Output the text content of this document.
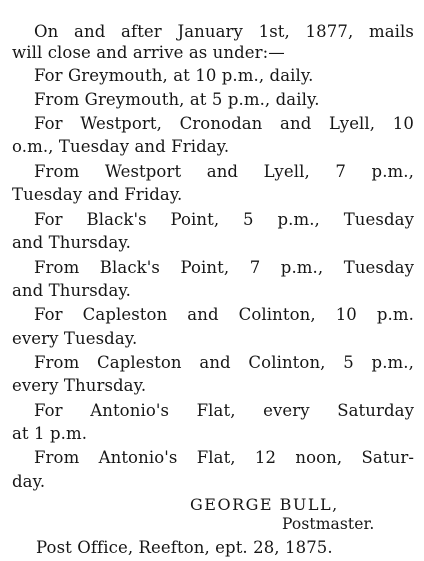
On and after January 1st, 1877, mails
will close and arrive as under:—
For Greymouth, at 10 p.m., daily.
From Greymouth, at 5 p.m., daily.
For Westport, Cronodan and Lyell, 10
o.m., Tuesday and Friday.
From Westport and Lyell, 7 p.m.,
Tuesday and Friday.
For Black's Point, 5 p.m., Tuesday
and Thursday.
From Black's Point, 7 p.m., Tuesday
and Thursday.
For Capleston and Colinton, 10 p.m.
every Tuesday.
From Capleston and Colinton, 5 p.m.,
every Thursday.
For Antonio's Flat, every Saturday
at 1 p.m.
From Antonio's Flat, 12 noon, Satur-
day.
GEORGE BULL,
Postmaster.
Post Office, Reefton, ept. 28, 1875.
